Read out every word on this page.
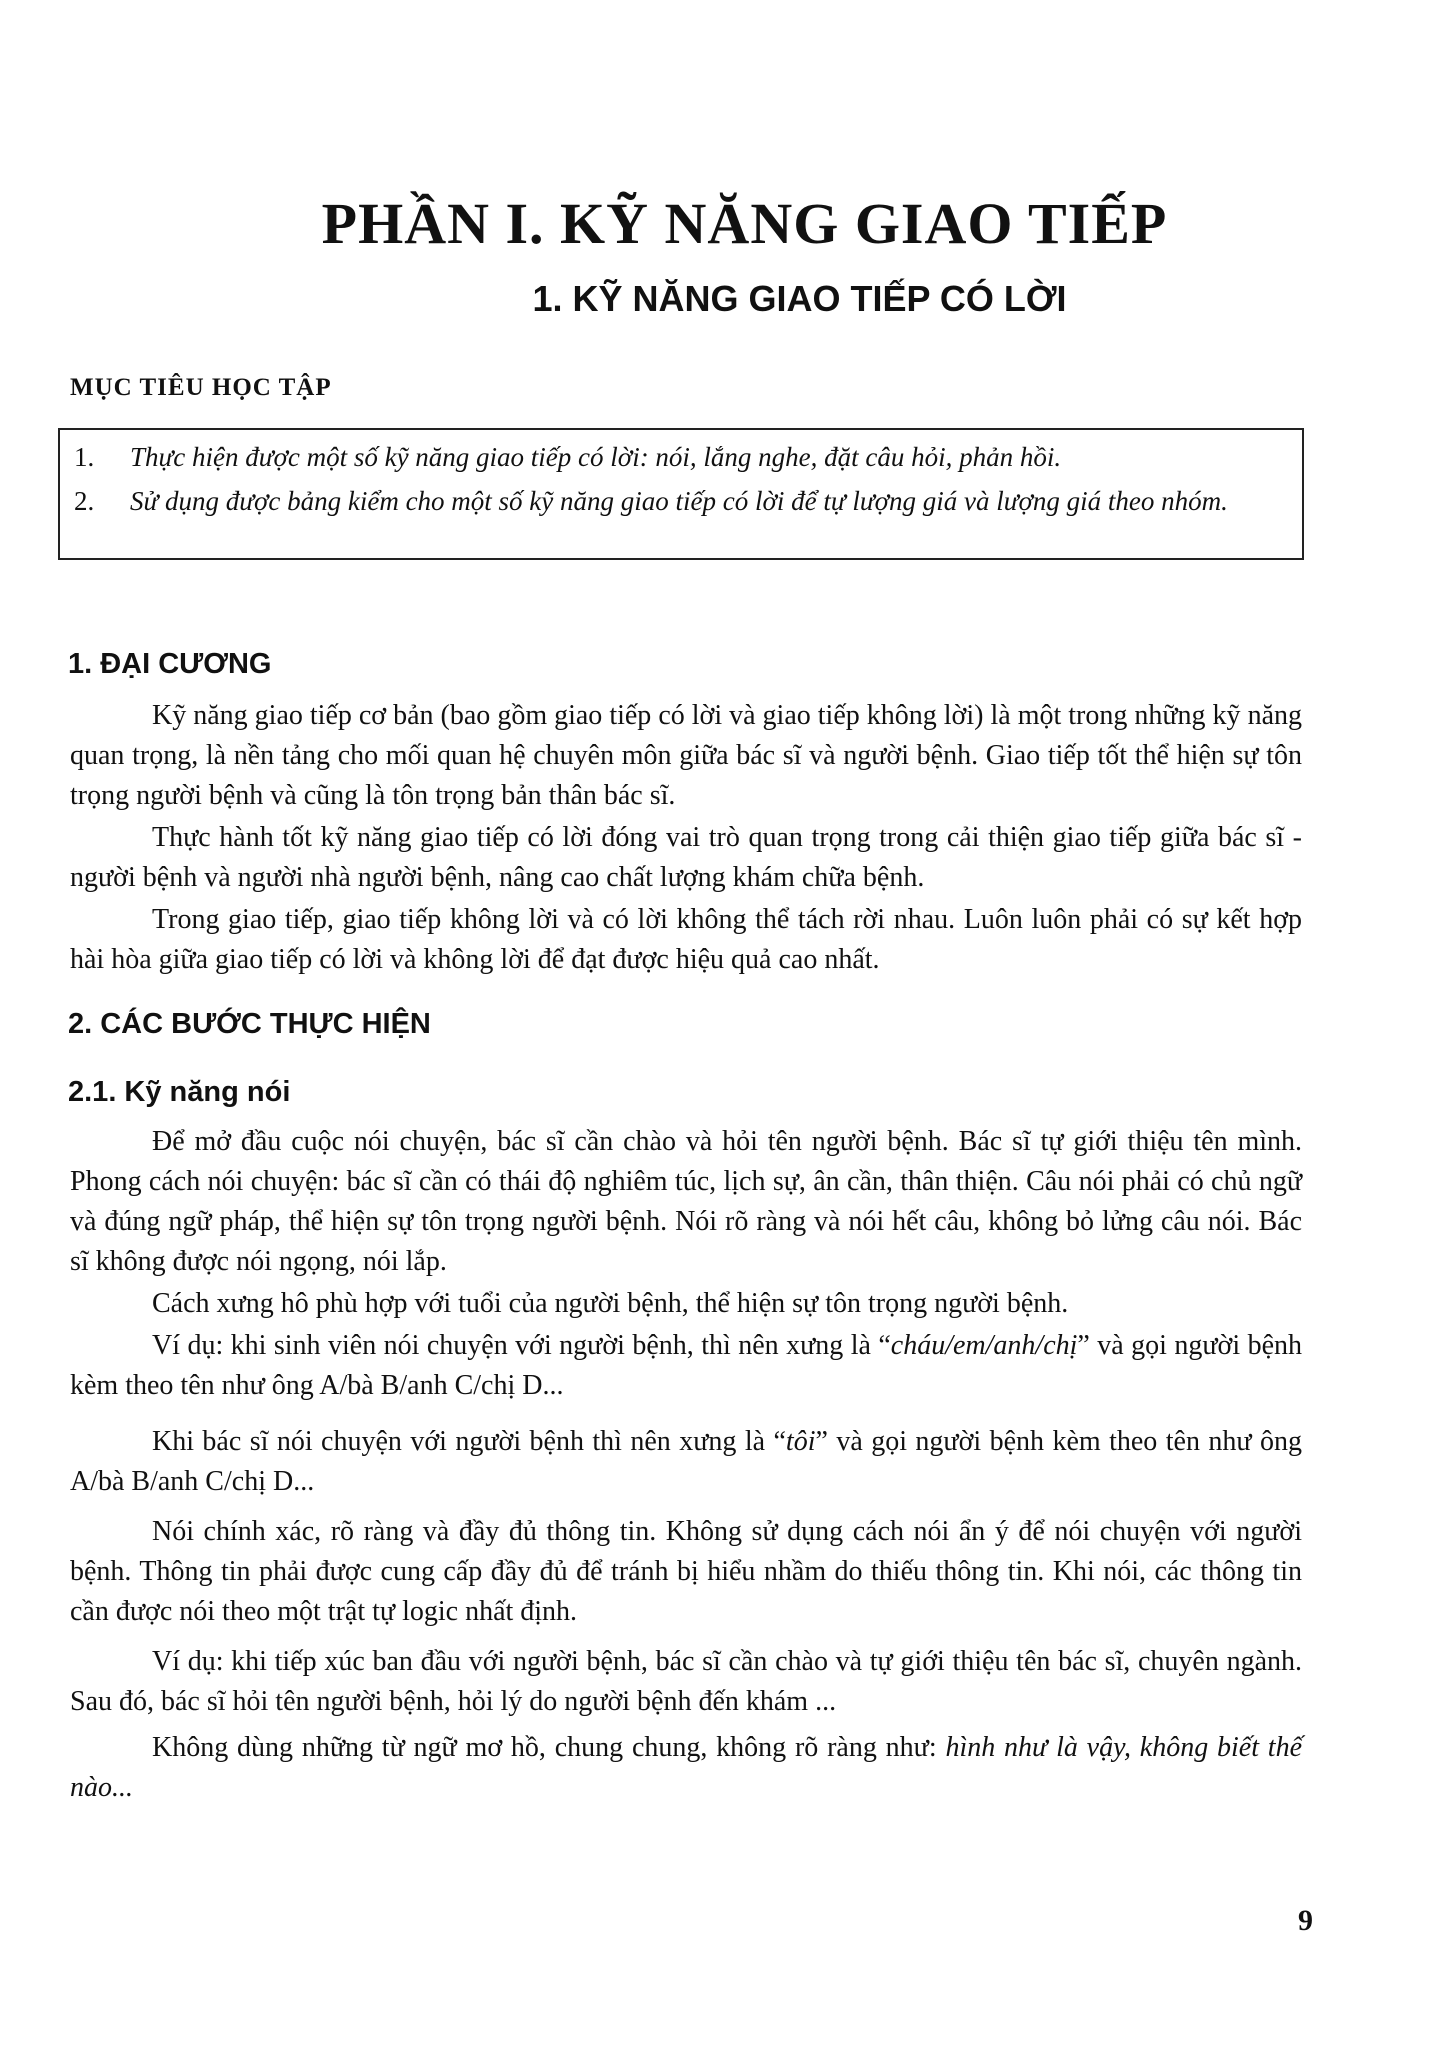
PHẦN I. KỸ NĂNG GIAO TIẾP
1. KỸ NĂNG GIAO TIẾP CÓ LỜI
MỤC TIÊU HỌC TẬP
1. Thực hiện được một số kỹ năng giao tiếp có lời: nói, lắng nghe, đặt câu hỏi, phản hồi.
2. Sử dụng được bảng kiểm cho một số kỹ năng giao tiếp có lời để tự lượng giá và lượng giá theo nhóm.
1. ĐẠI CƯƠNG

Kỹ năng giao tiếp cơ bản (bao gồm giao tiếp có lời và giao tiếp không lời) là một trong những kỹ năng quan trọng, là nền tảng cho mối quan hệ chuyên môn giữa bác sĩ và người bệnh. Giao tiếp tốt thể hiện sự tôn trọng người bệnh và cũng là tôn trọng bản thân bác sĩ.

Thực hành tốt kỹ năng giao tiếp có lời đóng vai trò quan trọng trong cải thiện giao tiếp giữa bác sĩ - người bệnh và người nhà người bệnh, nâng cao chất lượng khám chữa bệnh.

Trong giao tiếp, giao tiếp không lời và có lời không thể tách rời nhau. Luôn luôn phải có sự kết hợp hài hòa giữa giao tiếp có lời và không lời để đạt được hiệu quả cao nhất.

2. CÁC BƯỚC THỰC HIỆN
2.1. Kỹ năng nói

Để mở đầu cuộc nói chuyện, bác sĩ cần chào và hỏi tên người bệnh. Bác sĩ tự giới thiệu tên mình. Phong cách nói chuyện: bác sĩ cần có thái độ nghiêm túc, lịch sự, ân cần, thân thiện. Câu nói phải có chủ ngữ và đúng ngữ pháp, thể hiện sự tôn trọng người bệnh. Nói rõ ràng và nói hết câu, không bỏ lửng câu nói. Bác sĩ không được nói ngọng, nói lắp.

Cách xưng hô phù hợp với tuổi của người bệnh, thể hiện sự tôn trọng người bệnh.

Ví dụ: khi sinh viên nói chuyện với người bệnh, thì nên xưng là “cháu/em/anh/chị” và gọi người bệnh kèm theo tên như ông A/bà B/anh C/chị D...

Khi bác sĩ nói chuyện với người bệnh thì nên xưng là “tôi” và gọi người bệnh kèm theo tên như ông A/bà B/anh C/chị D...

Nói chính xác, rõ ràng và đầy đủ thông tin. Không sử dụng cách nói ẩn ý để nói chuyện với người bệnh. Thông tin phải được cung cấp đầy đủ để tránh bị hiểu nhầm do thiếu thông tin. Khi nói, các thông tin cần được nói theo một trật tự logic nhất định.

Ví dụ: khi tiếp xúc ban đầu với người bệnh, bác sĩ cần chào và tự giới thiệu tên bác sĩ, chuyên ngành. Sau đó, bác sĩ hỏi tên người bệnh, hỏi lý do người bệnh đến khám ...

Không dùng những từ ngữ mơ hồ, chung chung, không rõ ràng như: hình như là vậy, không biết thế nào...

9
